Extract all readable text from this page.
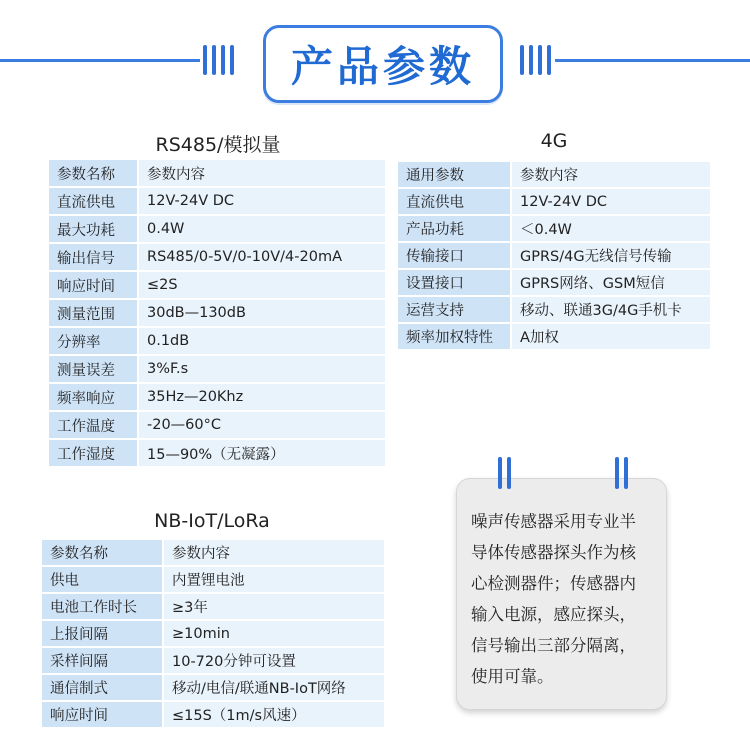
产品参数
RS485/模拟量
参数名称	参数内容
直流供电	12V-24V DC
最大功耗	0.4W
输出信号	RS485/0-5V/0-10V/4-20mA
响应时间	≤2S
测量范围	30dB—130dB
分辨率	0.1dB
测量误差	3%F.s
频率响应	35Hz—20Khz
工作温度	-20—60°C
工作湿度	15—90%（无凝露）
4G
通用参数	参数内容
直流供电	12V-24V DC
产品功耗	＜0.4W
传输接口	GPRS/4G无线信号传输
设置接口	GPRS网络、GSM短信
运营支持	移动、联通3G/4G手机卡
频率加权特性	A加权
NB-IoT/LoRa
参数名称	参数内容
供电	内置锂电池
电池工作时长	≥3年
上报间隔	≥10min
采样间隔	10-720分钟可设置
通信制式	移动/电信/联通NB-IoT网络
响应时间	≤15S（1m/s风速）
噪声传感器采用专业半
导体传感器探头作为核
心检测器件；传感器内
输入电源，感应探头，
信号输出三部分隔离，
使用可靠。
